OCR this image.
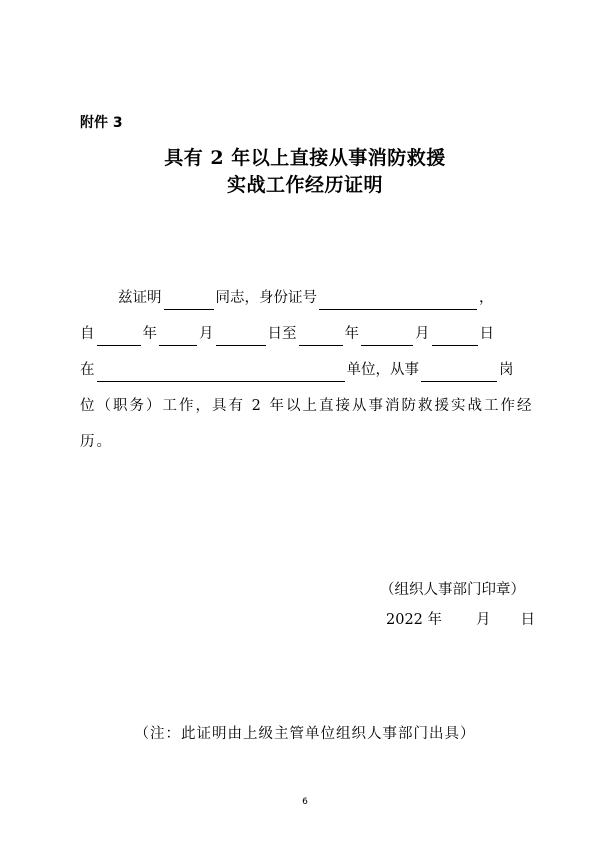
附件 3
具有 2 年以上直接从事消防救援
实战工作经历证明
兹证明	同志，身份证号	，
自	年	月	日至	年	月	日
在	单位，从事	岗
位（职务）工作，具有 2 年以上直接从事消防救援实战工作经
历。
（组织人事部门印章）
2022 年 月 日
（注：此证明由上级主管单位组织人事部门出具）
6
